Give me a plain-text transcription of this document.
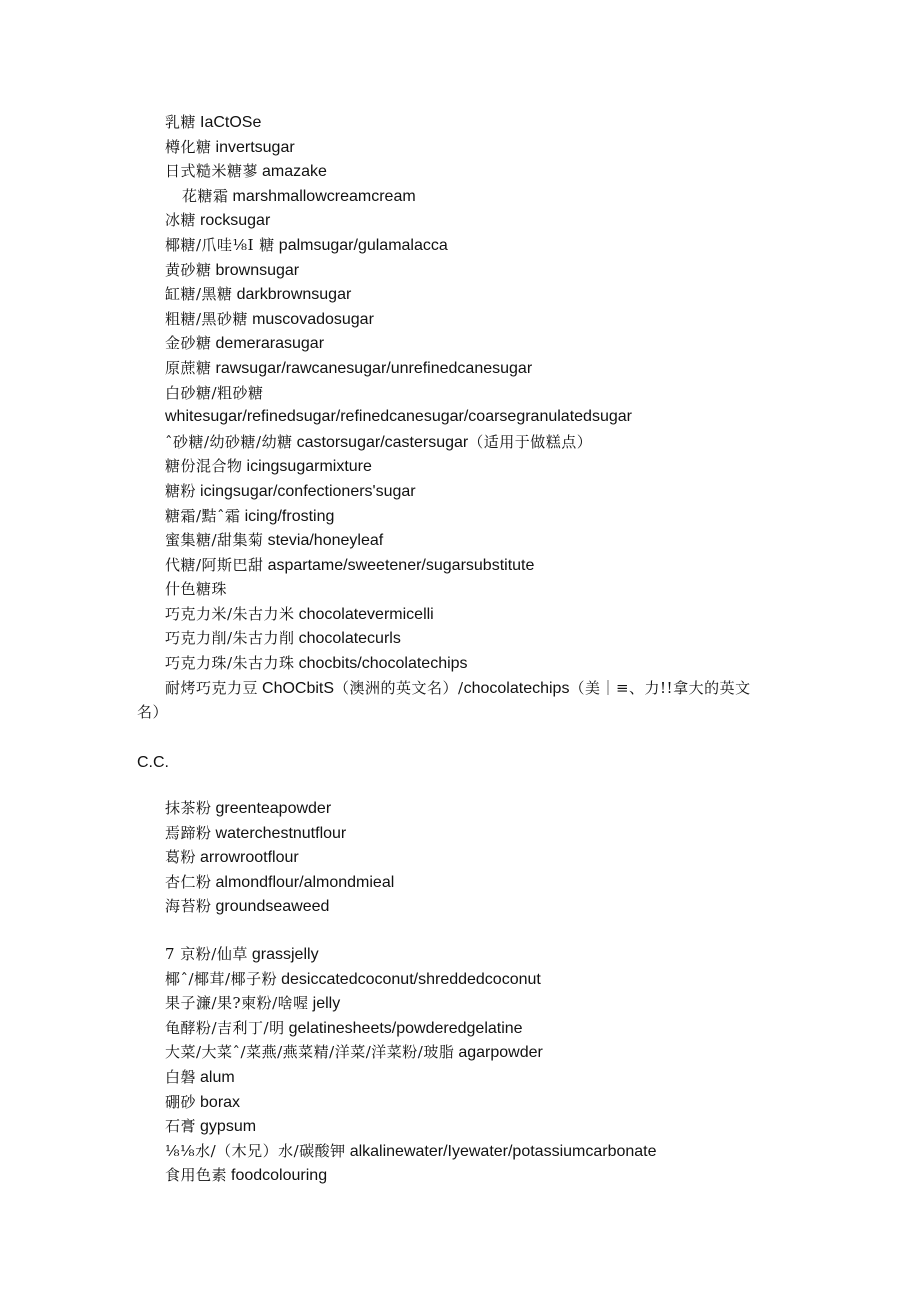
乳糖 IaCtOSe
樽化糖 invertsugar
日式糙米糖蓼 amazake
花糖霜 marshmallowcreamcream
冰糖 rocksugar
椰糖/爪哇⅛I 糖 palmsugar/gulamalacca
黄砂糖 brownsugar
缸糖/黑糖 darkbrownsugar
粗糖/黑砂糖 muscovadosugar
金砂糖 demerarasugar
原蔗糖 rawsugar/rawcanesugar/unrefinedcanesugar
白砂糖/粗砂糖
whitesugar/refinedsugar/refinedcanesugar/coarsegranulatedsugar
ˆ砂糖/幼砂糖/幼糖 castorsugar/castersugar（适用于做糕点）
糖份混合物 icingsugarmixture
糖粉 icingsugar/confectioners'sugar
糖霜/黠ˆ霜 icing/frosting
蜜集糖/甜集菊 stevia/honeyleaf
代糖/阿斯巴甜 aspartame/sweetener/sugarsubstitute
什色糖珠
巧克力米/朱古力米 chocolatevermicelli
巧克力削/朱古力削 chocolatecurls
巧克力珠/朱古力珠 chocbits/chocolatechips
耐烤巧克力豆 ChOCbitS（澳洲的英文名）/chocolatechips（美｜≡、力!!拿大的英文
名）
C.C.
抹茶粉 greenteapowder
焉蹄粉 waterchestnutflour
葛粉 arrowrootflour
杏仁粉 almondflour/almondmieal
海苔粉 groundseaweed
7 京粉/仙草 grassjelly
椰ˆ/椰茸/椰子粉 desiccatedcoconut/shreddedcoconut
果子濂/果?柬粉/啥喔 jelly
龟酵粉/吉利丁/明 gelatinesheets/powderedgelatine
大菜/大菜ˆ/菜燕/燕菜精/洋菜/洋菜粉/玻脂 agarpowder
白磐 alum
硼砂 borax
石膏 gypsum
⅛⅛水/（木兄）水/碳酸钾 alkalinewater/Iyewater/potassiumcarbonate
食用色素 foodcolouring
